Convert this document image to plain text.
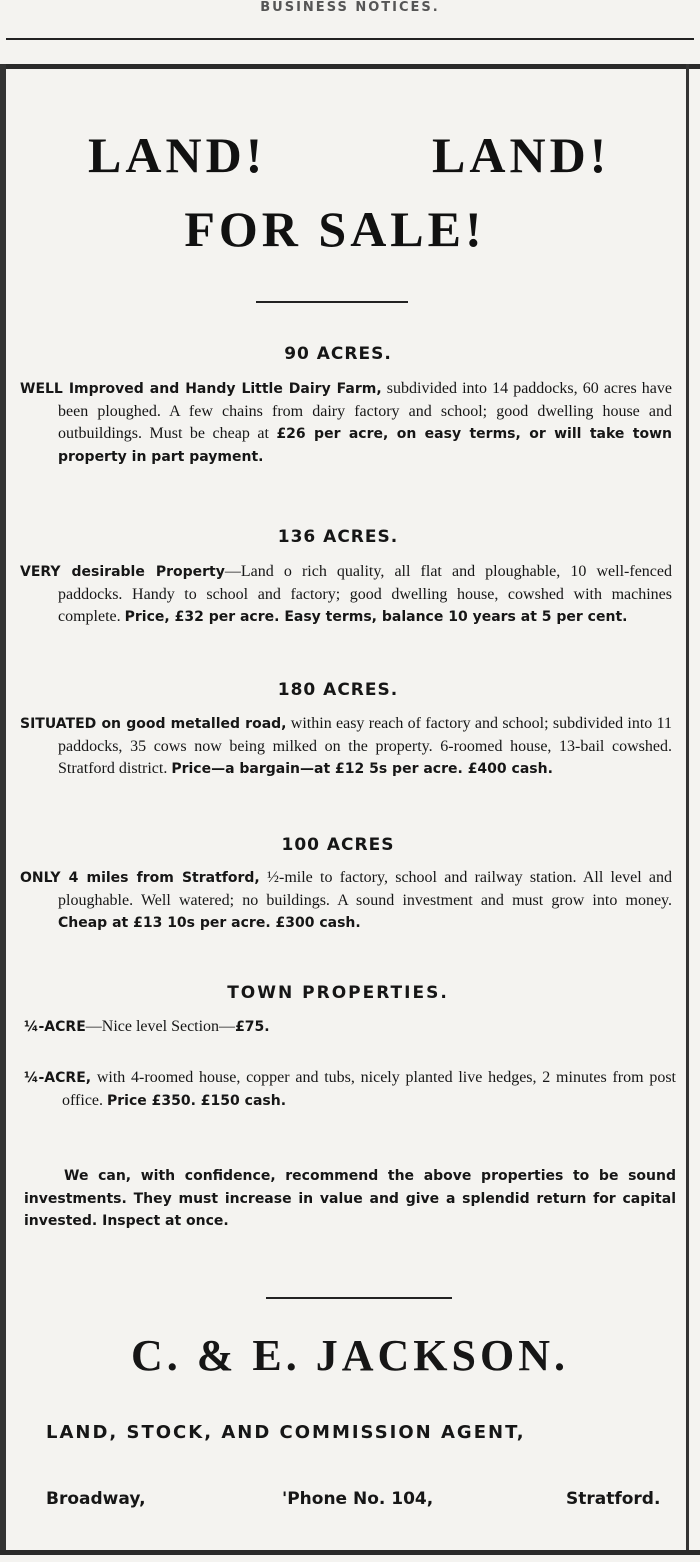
BUSINESS NOTICES.
LAND!	LAND!
FOR SALE!
90 ACRES.
WELL Improved and Handy Little Dairy Farm, subdivided into 14 paddocks, 60 acres have been ploughed. A few chains from dairy factory and school; good dwelling house and outbuildings. Must be cheap at £26 per acre, on easy terms, or will take town property in part payment.
136 ACRES.
VERY desirable Property—Land o rich quality, all flat and ploughable, 10 well-fenced paddocks. Handy to school and factory; good dwelling house, cowshed with machines complete. Price, £32 per acre. Easy terms, balance 10 years at 5 per cent.
180 ACRES.
SITUATED on good metalled road, within easy reach of factory and school; subdivided into 11 paddocks, 35 cows now being milked on the property. 6-roomed house, 13-bail cowshed. Stratford district. Price—a bargain—at £12 5s per acre. £400 cash.
100 ACRES
ONLY 4 miles from Stratford, ½-mile to factory, school and railway station. All level and ploughable. Well watered; no buildings. A sound investment and must grow into money. Cheap at £13 10s per acre. £300 cash.
TOWN PROPERTIES.
¼-ACRE—Nice level Section—£75.
¼-ACRE, with 4-roomed house, copper and tubs, nicely planted live hedges, 2 minutes from post office. Price £350. £150 cash.
We can, with confidence, recommend the above properties to be sound investments. They must increase in value and give a splendid return for capital invested. Inspect at once.
C. & E. JACKSON.
LAND, STOCK, AND COMMISSION AGENT,
Broadway,	'Phone No. 104,	Stratford.
